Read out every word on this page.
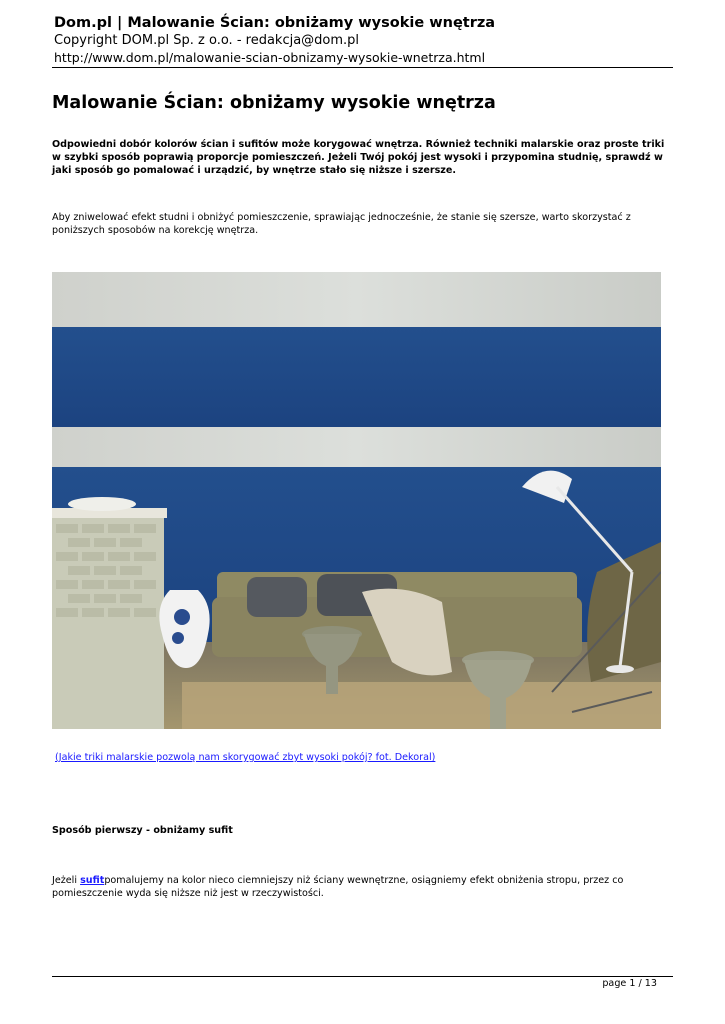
Dom.pl | Malowanie Ścian: obniżamy wysokie wnętrza
Copyright DOM.pl Sp. z o.o. - redakcja@dom.pl
http://www.dom.pl/malowanie-scian-obnizamy-wysokie-wnetrza.html
Malowanie Ścian: obniżamy wysokie wnętrza
Odpowiedni dobór kolorów ścian i sufitów może korygować wnętrza. Również techniki malarskie oraz proste triki w szybki sposób poprawią proporcje pomieszczeń. Jeżeli Twój pokój jest wysoki i przypomina studnię, sprawdź w jaki sposób go pomalować i urządzić, by wnętrze stało się niższe i szersze.
Aby zniwelować efekt studni i obniżyć pomieszczenie, sprawiając jednocześnie, że stanie się szersze, warto skorzystać z poniższych sposobów na korekcję wnętrza.
(Jakie triki malarskie pozwolą nam skorygować zbyt wysoki pokój? fot. Dekoral)
Sposób pierwszy - obniżamy sufit
Jeżeli sufitpomalujemy na kolor nieco ciemniejszy niż ściany wewnętrzne, osiągniemy efekt obniżenia stropu, przez co pomieszczenie wyda się niższe niż jest w rzeczywistości.
page 1 / 13
